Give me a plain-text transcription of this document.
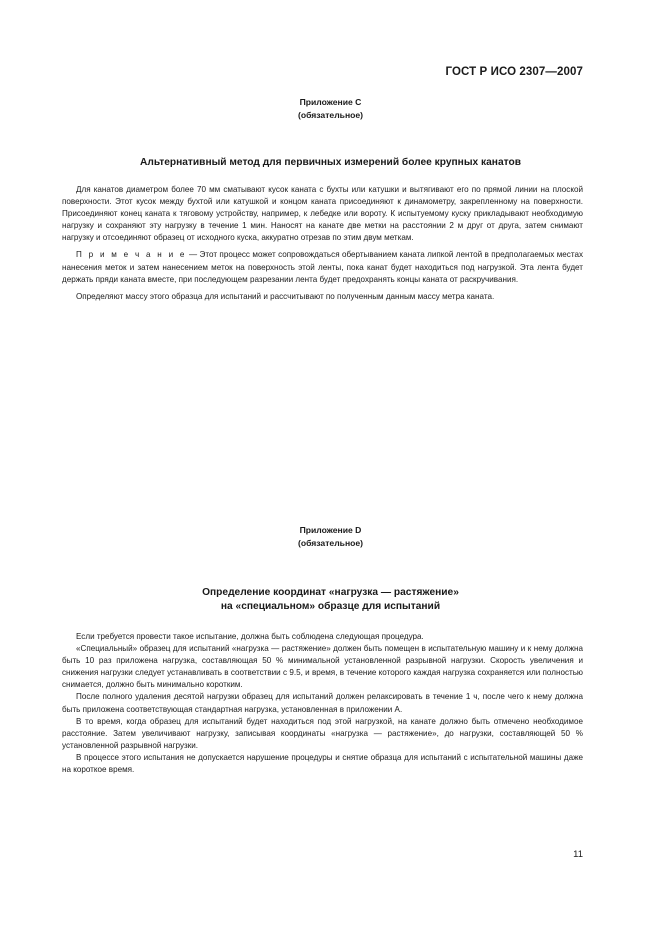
ГОСТ Р ИСО 2307—2007
Приложение С
(обязательное)
Альтернативный метод для первичных измерений более крупных канатов

Для канатов диаметром более 70 мм сматывают кусок каната с бухты или катушки и вытягивают его по прямой линии на плоской поверхности. Этот кусок между бухтой или катушкой и концом каната присоединяют к динамометру, закрепленному на поверхности. Присоединяют конец каната к тяговому устройству, например, к лебедке или вороту. К испытуемому куску прикладывают необходимую нагрузку и сохраняют эту нагрузку в течение 1 мин. Наносят на канате две метки на расстоянии 2 м друг от друга, затем снимают нагрузку и отсоединяют образец от исходного куска, аккуратно отрезав по этим двум меткам.

П р и м е ч а н и е — Этот процесс может сопровождаться обертыванием каната липкой лентой в предполагаемых местах нанесения меток и затем нанесением меток на поверхность этой ленты, пока канат будет находиться под нагрузкой. Эта лента будет держать пряди каната вместе, при последующем разрезании лента будет предохранять концы каната от раскручивания.

Определяют массу этого образца для испытаний и рассчитывают по полученным данным массу метра каната.

Приложение D
(обязательное)
Определение координат «нагрузка — растяжение»
на «специальном» образце для испытаний

Если требуется провести такое испытание, должна быть соблюдена следующая процедура.

«Специальный» образец для испытаний «нагрузка — растяжение» должен быть помещен в испытательную машину и к нему должна быть 10 раз приложена нагрузка, составляющая 50 % минимальной установленной разрывной нагрузки. Скорость увеличения и снижения нагрузки следует устанавливать в соответствии с 9.5, и время, в течение которого каждая нагрузка сохраняется или полностью снимается, должно быть минимально коротким.

После полного удаления десятой нагрузки образец для испытаний должен релаксировать в течение 1 ч, после чего к нему должна быть приложена соответствующая стандартная нагрузка, установленная в приложении А.

В то время, когда образец для испытаний будет находиться под этой нагрузкой, на канате должно быть отмечено необходимое расстояние. Затем увеличивают нагрузку, записывая координаты «нагрузка — растяжение», до нагрузки, составляющей 50 % установленной разрывной нагрузки.

В процессе этого испытания не допускается нарушение процедуры и снятие образца для испытаний с испытательной машины даже на короткое время.

11
